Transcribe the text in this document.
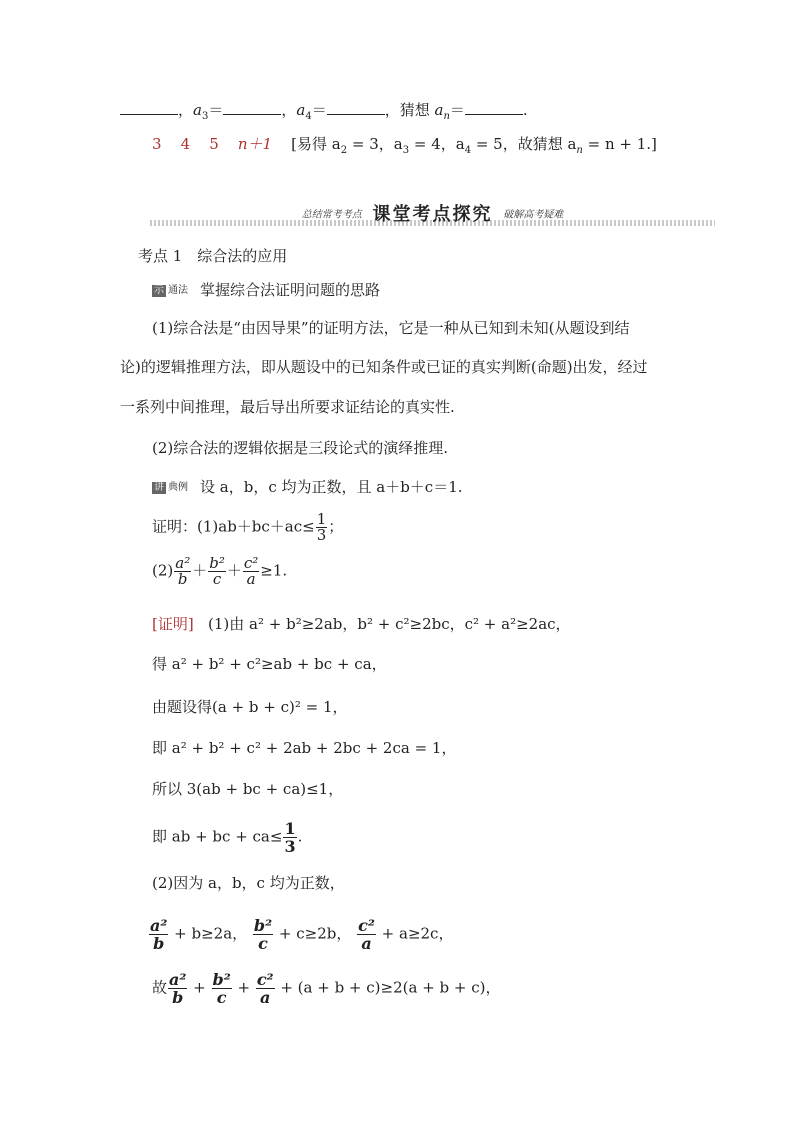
，$a_3=$	，$a_4=$	，猜想 $a_n=$	.
3 4 5 n＋1 [易得 $a_2 = 3$，$a_3 = 4$，$a_4 = 5$，故猜想 $a_n = n + 1$.]
总结常考考点 课堂考点探究 破解高考疑难
考点 1　综合法的应用
示 通法 掌握综合法证明问题的思路
(1)综合法是“由因导果”的证明方法，它是一种从已知到未知(从题设到结
论)的逻辑推理方法，即从题设中的已知条件或已证的真实判断(命题)出发，经过
一系列中间推理，最后导出所要求证结论的真实性.
(2)综合法的逻辑依据是三段论式的演绎推理.
讲 典例 设 a，b，c 均为正数，且 a＋b＋c＝1.
证明：$(1)ab+bc+ac\le \frac{1}{3}$ ；
$(2) \frac{\text{a²}}{b} + \frac{\text{b²}}{c} + \frac{\text{c²}}{a} \ge 1$.
[证明] (1)由 a² + b²≥2ab，b² + c²≥2bc，c² + a²≥2ac，
得 a² + b² + c²≥ab + bc + ca，
由题设得(a + b + c)² = 1，
即 a² + b² + c² + 2ab + 2bc + 2ca = 1，
所以 3(ab + bc + ca)≤1，
即 ab + bc + $ca\le \frac{1}{3}$ .
(2)因为 a，b，c 均为正数，
$\frac{\text{a²}}{b} + b\ge 2a$， $\frac{\text{b²}}{c} + c\ge 2b$， $\frac{\text{c²}}{a} + a\ge 2c$，
故 $\frac{\text{a²}}{b} + \frac{\text{b²}}{c} + \frac{\text{c²}}{a} + (a + b + c)\ge 2(a + b + c)$，
